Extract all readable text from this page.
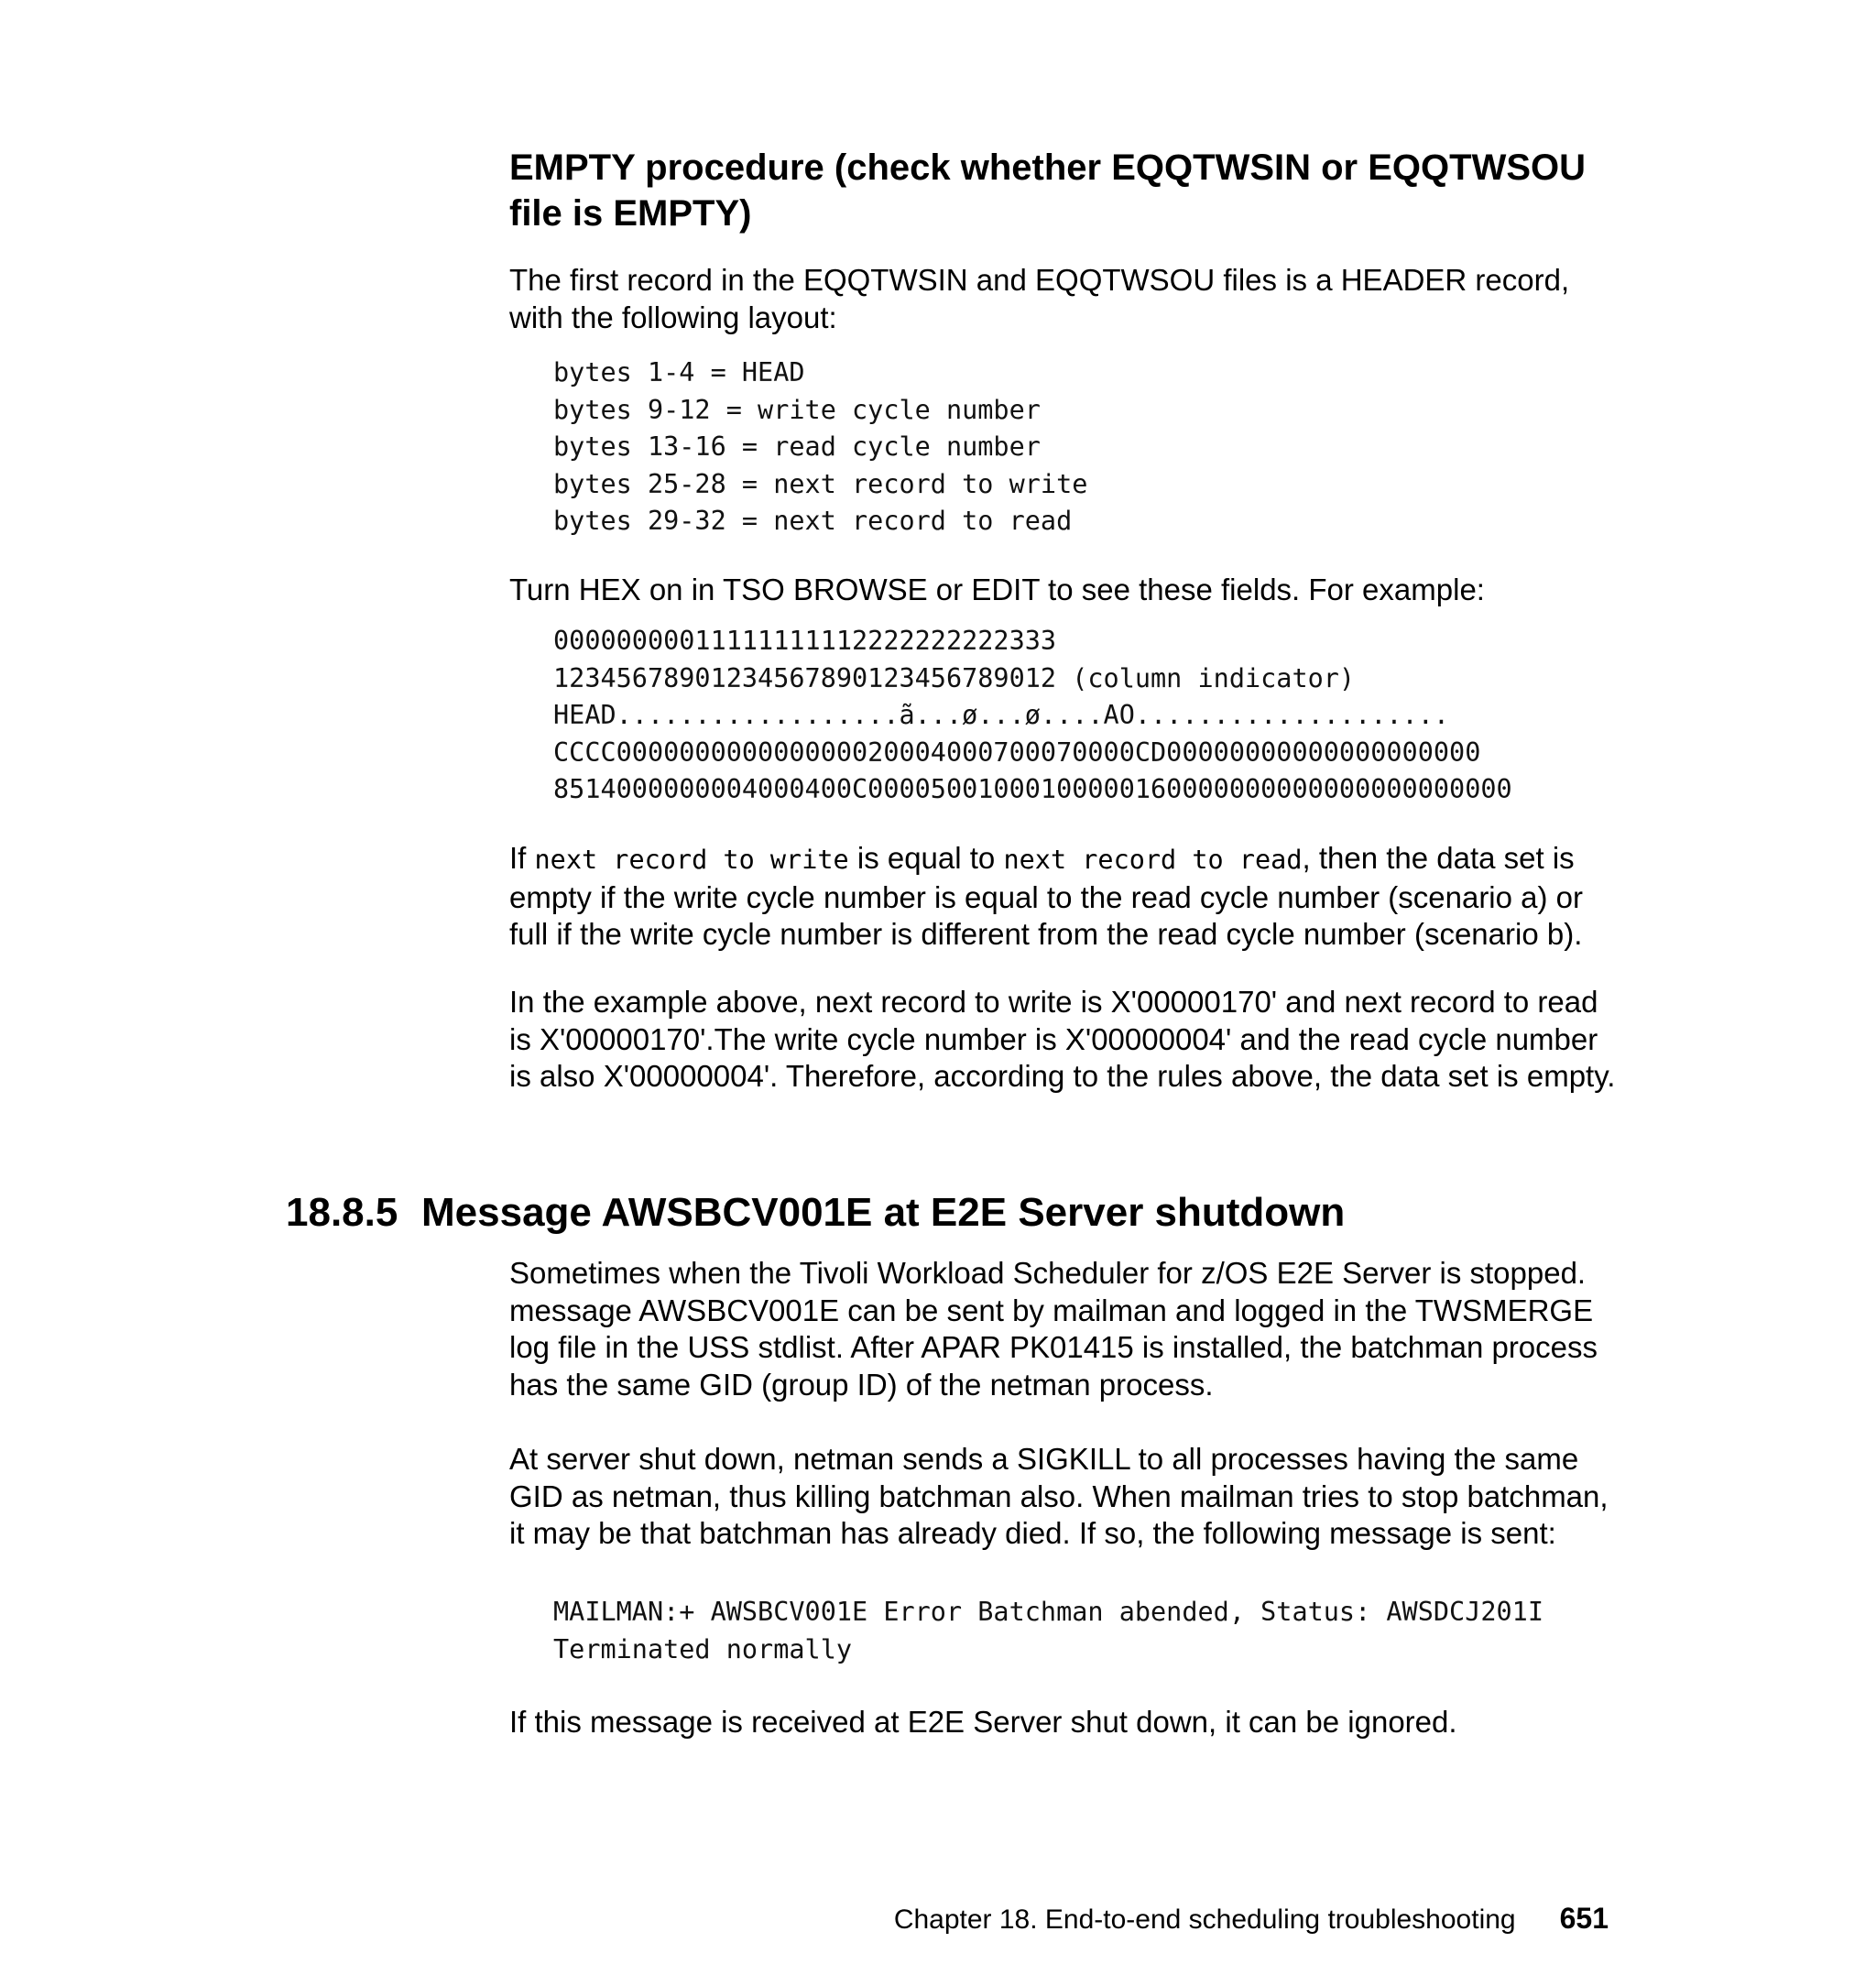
EMPTY procedure (check whether EQQTWSIN or EQQTWSOU file is EMPTY)

The first record in the EQQTWSIN and EQQTWSOU files is a HEADER record, with the following layout:

bytes 1-4 = HEAD
bytes 9-12 = write cycle number
bytes 13-16 = read cycle number
bytes 25-28 = next record to write
bytes 29-32 = next record to read

Turn HEX on in TSO BROWSE or EDIT to see these fields. For example:

00000000011111111112222222222333
12345678901234567890123456789012 (column indicator)
HEAD..................ã...ø...ø....AO....................
CCCC000000000000000020004000700070000CD00000000000000000000
8514000000004000400C00005001000100000160000000000000000000000

If next record to write is equal to next record to read, then the data set is empty if the write cycle number is equal to the read cycle number (scenario a) or full if the write cycle number is different from the read cycle number (scenario b).

In the example above, next record to write is X'00000170' and next record to read is X'00000170'.The write cycle number is X'00000004' and the read cycle number is also X'00000004'. Therefore, according to the rules above, the data set is empty.

18.8.5 Message AWSBCV001E at E2E Server shutdown

Sometimes when the Tivoli Workload Scheduler for z/OS E2E Server is stopped. message AWSBCV001E can be sent by mailman and logged in the TWSMERGE log file in the USS stdlist. After APAR PK01415 is installed, the batchman process has the same GID (group ID) of the netman process.

At server shut down, netman sends a SIGKILL to all processes having the same GID as netman, thus killing batchman also. When mailman tries to stop batchman, it may be that batchman has already died. If so, the following message is sent:

MAILMAN:+ AWSBCV001E Error Batchman abended, Status: AWSDCJ201I
Terminated normally

If this message is received at E2E Server shut down, it can be ignored.

Chapter 18. End-to-end scheduling troubleshooting 651
